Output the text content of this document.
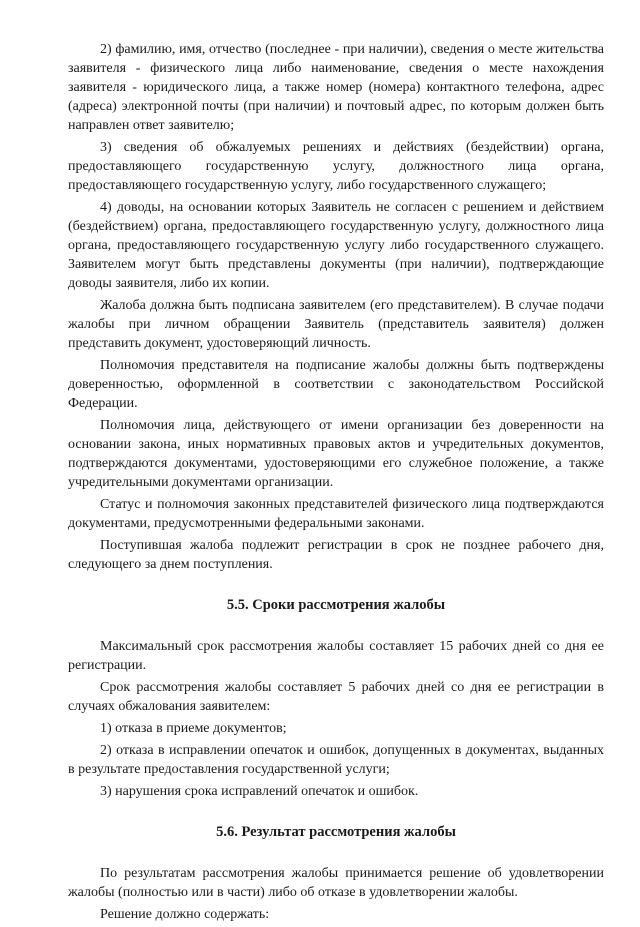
2) фамилию, имя, отчество (последнее - при наличии), сведения о месте жительства заявителя - физического лица либо наименование, сведения о месте нахождения заявителя - юридического лица, а также номер (номера) контактного телефона, адрес (адреса) электронной почты (при наличии) и почтовый адрес, по которым должен быть направлен ответ заявителю;

3) сведения об обжалуемых решениях и действиях (бездействии) органа, предоставляющего государственную услугу, должностного лица органа, предоставляющего государственную услугу, либо государственного служащего;

4) доводы, на основании которых Заявитель не согласен с решением и действием (бездействием) органа, предоставляющего государственную услугу, должностного лица органа, предоставляющего государственную услугу либо государственного служащего. Заявителем могут быть представлены документы (при наличии), подтверждающие доводы заявителя, либо их копии.

Жалоба должна быть подписана заявителем (его представителем). В случае подачи жалобы при личном обращении Заявитель (представитель заявителя) должен представить документ, удостоверяющий личность.

Полномочия представителя на подписание жалобы должны быть подтверждены доверенностью, оформленной в соответствии с законодательством Российской Федерации.

Полномочия лица, действующего от имени организации без доверенности на основании закона, иных нормативных правовых актов и учредительных документов, подтверждаются документами, удостоверяющими его служебное положение, а также учредительными документами организации.

Статус и полномочия законных представителей физического лица подтверждаются документами, предусмотренными федеральными законами.

Поступившая жалоба подлежит регистрации в срок не позднее рабочего дня, следующего за днем поступления.

5.5. Сроки рассмотрения жалобы

Максимальный срок рассмотрения жалобы составляет 15 рабочих дней со дня ее регистрации.

Срок рассмотрения жалобы составляет 5 рабочих дней со дня ее регистрации в случаях обжалования заявителем:

1) отказа в приеме документов;

2) отказа в исправлении опечаток и ошибок, допущенных в документах, выданных в результате предоставления государственной услуги;

3) нарушения срока исправлений опечаток и ошибок.

5.6. Результат рассмотрения жалобы

По результатам рассмотрения жалобы принимается решение об удовлетворении жалобы (полностью или в части) либо об отказе в удовлетворении жалобы.

Решение должно содержать:
